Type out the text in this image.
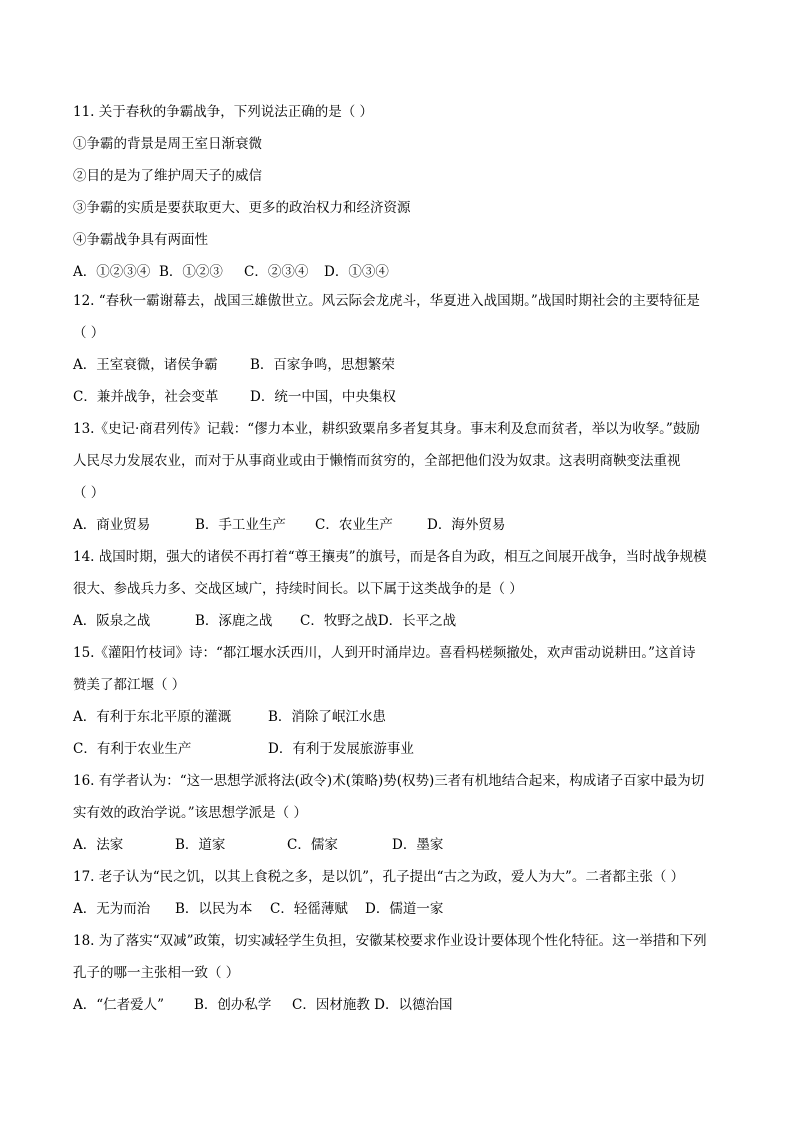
11. 关于春秋的争霸战争，下列说法正确的是（ ）
①争霸的背景是周王室日渐衰微
②目的是为了维护周天子的威信
③争霸的实质是要获取更大、更多的政治权力和经济资源
④争霸战争具有两面性
A．①②③④ B．①②③ C．②③④ D．①③④
12. “春秋一霸谢幕去，战国三雄傲世立。风云际会龙虎斗，华夏进入战国期。”战国时期社会的主要特征是
（ ）
A．王室衰微，诸侯争霸 B．百家争鸣，思想繁荣
C．兼并战争，社会变革 D．统一中国，中央集权
13.《史记·商君列传》记载：“僇力本业，耕织致粟帛多者复其身。事末利及怠而贫者，举以为收孥。”鼓励
人民尽力发展农业，而对于从事商业或由于懒惰而贫穷的，全部把他们没为奴隶。这表明商鞅变法重视
（ ）
A．商业贸易	B．手工业生产 C．农业生产	D．海外贸易
14. 战国时期，强大的诸侯不再打着“尊王攘夷”的旗号，而是各自为政，相互之间展开战争，当时战争规模
很大、参战兵力多、交战区域广，持续时间长。以下属于这类战争的是（ ）
A．阪泉之战	B．涿鹿之战 C．牧野之战D．长平之战
15.《灌阳竹枝词》诗：“都江堰水沃西川，人到开时涌岸边。喜看杩槎频撤处，欢声雷动说耕田。”这首诗
赞美了都江堰（ ）
A．有利于东北平原的灌溉	B．消除了岷江水患
C．有利于农业生产	D．有利于发展旅游事业
16. 有学者认为：“这一思想学派将法(政令)术(策略)势(权势)三者有机地结合起来，构成诸子百家中最为切
实有效的政治学说。”该思想学派是（ ）
A．法家	B．道家	C．儒家	D．墨家
17. 老子认为“民之饥，以其上食税之多，是以饥”，孔子提出“古之为政，爱人为大”。二者都主张（ ）
A．无为而治 B．以民为本 C．轻徭薄赋 D．儒道一家
18. 为了落实“双减”政策，切实减轻学生负担，安徽某校要求作业设计要体现个性化特征。这一举措和下列
孔子的哪一主张相一致（ ）
A．“仁者爱人” B．创办私学 C．因材施教 D．以德治国
